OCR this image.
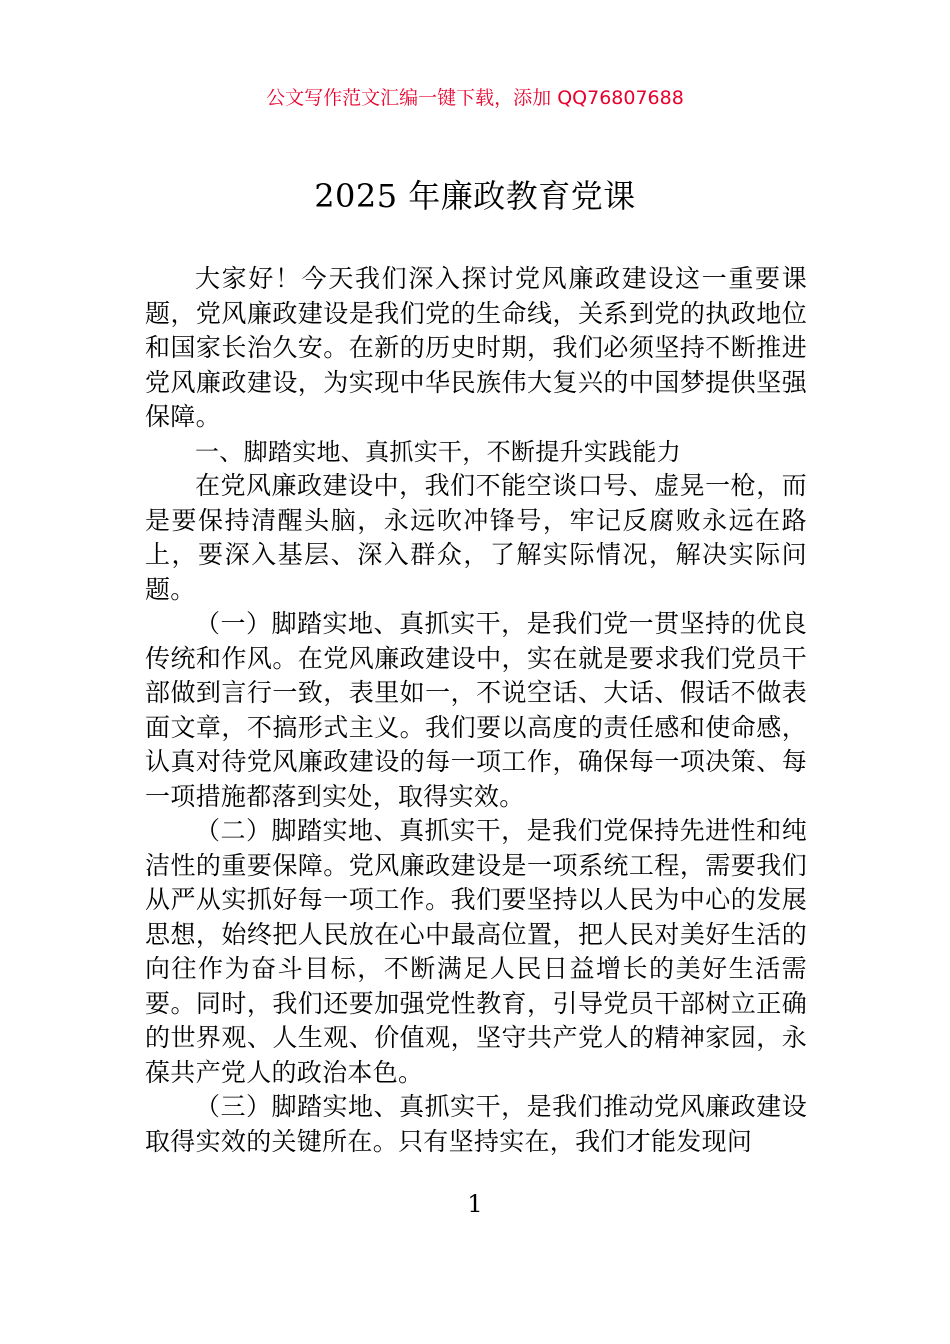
公文写作范文汇编一键下载，添加 QQ76807688
2025 年廉政教育党课

大家好！今天我们深入探讨党风廉政建设这一重要课题，党风廉政建设是我们党的生命线，关系到党的执政地位和国家长治久安。在新的历史时期，我们必须坚持不断推进党风廉政建设，为实现中华民族伟大复兴的中国梦提供坚强保障。

一、脚踏实地、真抓实干，不断提升实践能力

在党风廉政建设中，我们不能空谈口号、虚晃一枪，而是要保持清醒头脑，永远吹冲锋号，牢记反腐败永远在路上，要深入基层、深入群众，了解实际情况，解决实际问题。

（一）脚踏实地、真抓实干，是我们党一贯坚持的优良传统和作风。在党风廉政建设中，实在就是要求我们党员干部做到言行一致，表里如一，不说空话、大话、假话不做表面文章，不搞形式主义。我们要以高度的责任感和使命感，认真对待党风廉政建设的每一项工作，确保每一项决策、每一项措施都落到实处，取得实效。

（二）脚踏实地、真抓实干，是我们党保持先进性和纯洁性的重要保障。党风廉政建设是一项系统工程，需要我们从严从实抓好每一项工作。我们要坚持以人民为中心的发展思想，始终把人民放在心中最高位置，把人民对美好生活的向往作为奋斗目标，不断满足人民日益增长的美好生活需要。同时，我们还要加强党性教育，引导党员干部树立正确的世界观、人生观、价值观，坚守共产党人的精神家园，永葆共产党人的政治本色。

（三）脚踏实地、真抓实干，是我们推动党风廉政建设取得实效的关键所在。只有坚持实在，我们才能发现问

1
